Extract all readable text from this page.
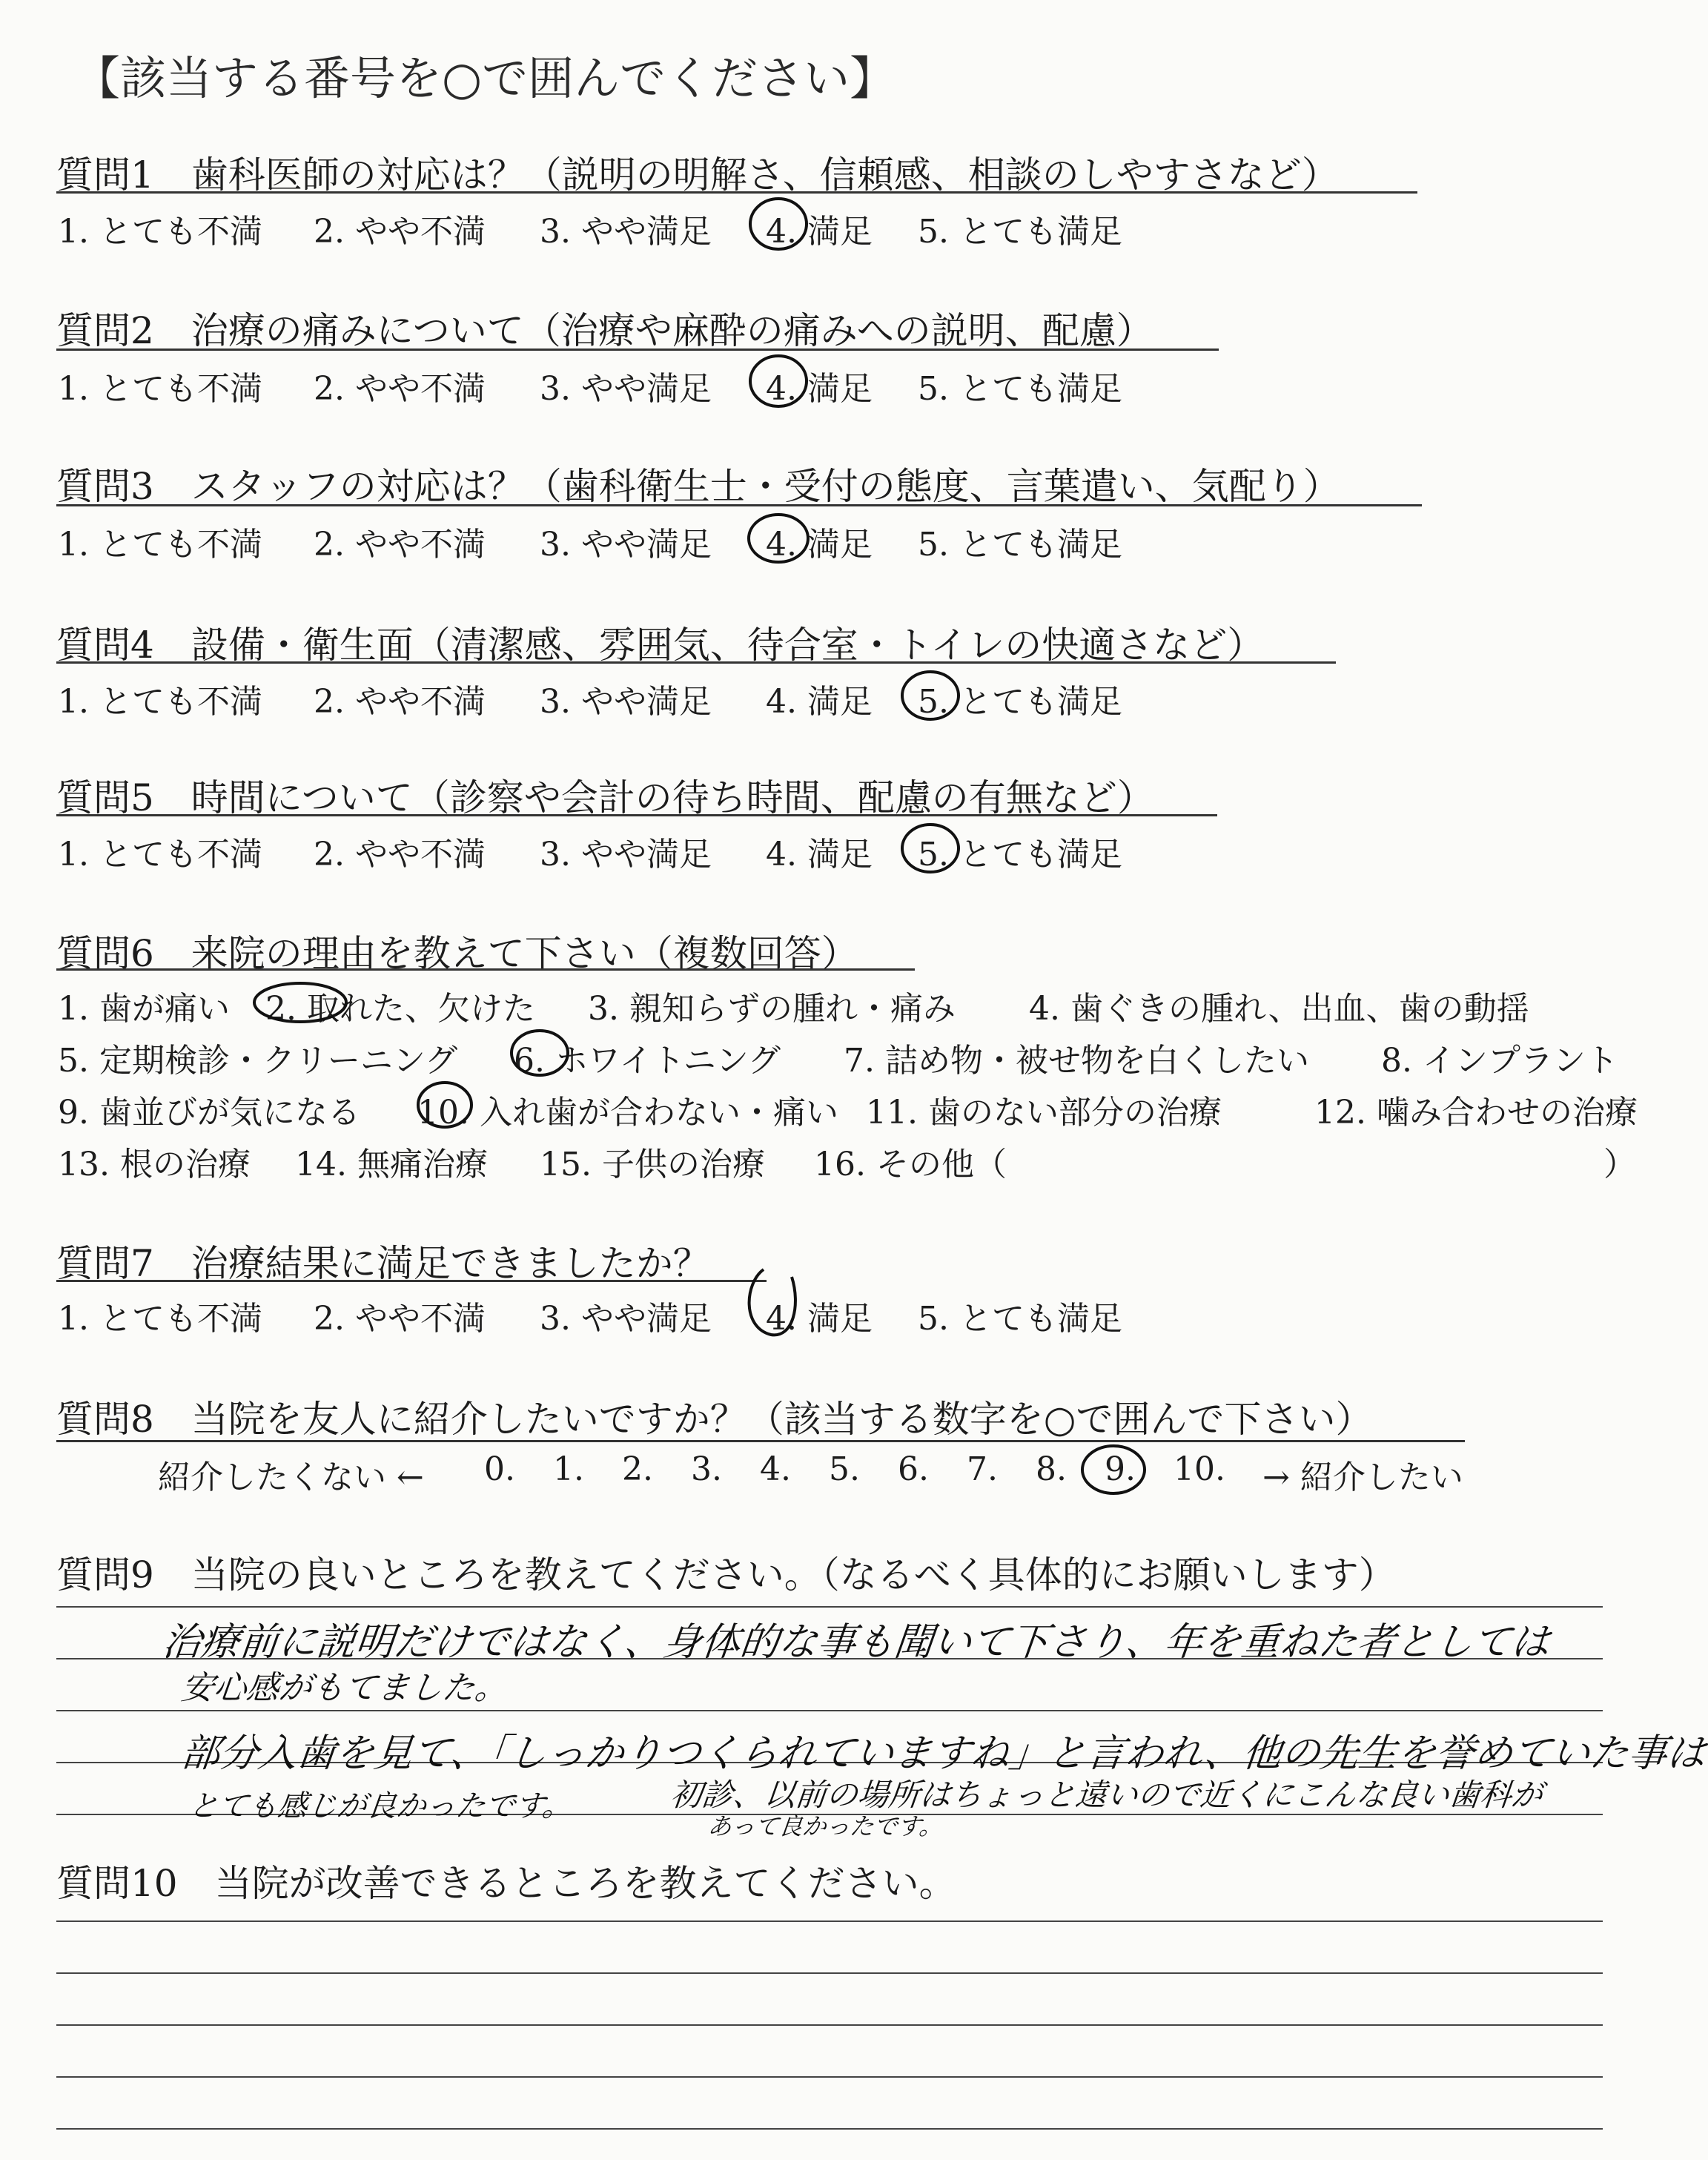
【該当する番号を○で囲んでください】
質問1　歯科医師の対応は？（説明の明解さ、信頼感、相談のしやすさなど）
1. とても不満 2. やや不満 3. やや満足 4. 満足 5. とても満足
質問2　治療の痛みについて（治療や麻酔の痛みへの説明、配慮）
1. とても不満 2. やや不満 3. やや満足 4. 満足 5. とても満足
質問3　スタッフの対応は？（歯科衛生士・受付の態度、言葉遣い、気配り）
1. とても不満 2. やや不満 3. やや満足 4. 満足 5. とても満足
質問4　設備・衛生面（清潔感、雰囲気、待合室・トイレの快適さなど）
1. とても不満 2. やや不満 3. やや満足 4. 満足 5. とても満足
質問5　時間について（診察や会計の待ち時間、配慮の有無など）
1. とても不満 2. やや不満 3. やや満足 4. 満足 5. とても満足
質問6　来院の理由を教えて下さい（複数回答）
1. 歯が痛い 2. 取れた、欠けた 3. 親知らずの腫れ・痛み 4. 歯ぐきの腫れ、出血、歯の動揺
5. 定期検診・クリーニング 6. ホワイトニング 7. 詰め物・被せ物を白くしたい 8. インプラント
9. 歯並びが気になる 10. 入れ歯が合わない・痛い 11. 歯のない部分の治療	12. 噛み合わせの治療
13. 根の治療 14. 無痛治療 15. 子供の治療 16. その他（	）
質問7　治療結果に満足できましたか？
1. とても不満 2. やや不満 3. やや満足 4. 満足 5. とても満足
質問8　当院を友人に紹介したいですか？（該当する数字を○で囲んで下さい）
紹介したくない ← 0. 1. 2. 3. 4. 5. 6. 7. 8. 9. 10. → 紹介したい
質問9　当院の良いところを教えてください。（なるべく具体的にお願いします）
治療前に説明だけではなく、身体的な事も聞いて下さり、年を重ねた者としては
安心感がもてました。
部分入歯を見て、「しっかりつくられていますね」と言われ、他の先生を誉めていた事は
とても感じが良かったです。	初診、以前の場所はちょっと遠いので近くにこんな良い歯科が
あって良かったです。
質問10　当院が改善できるところを教えてください。
